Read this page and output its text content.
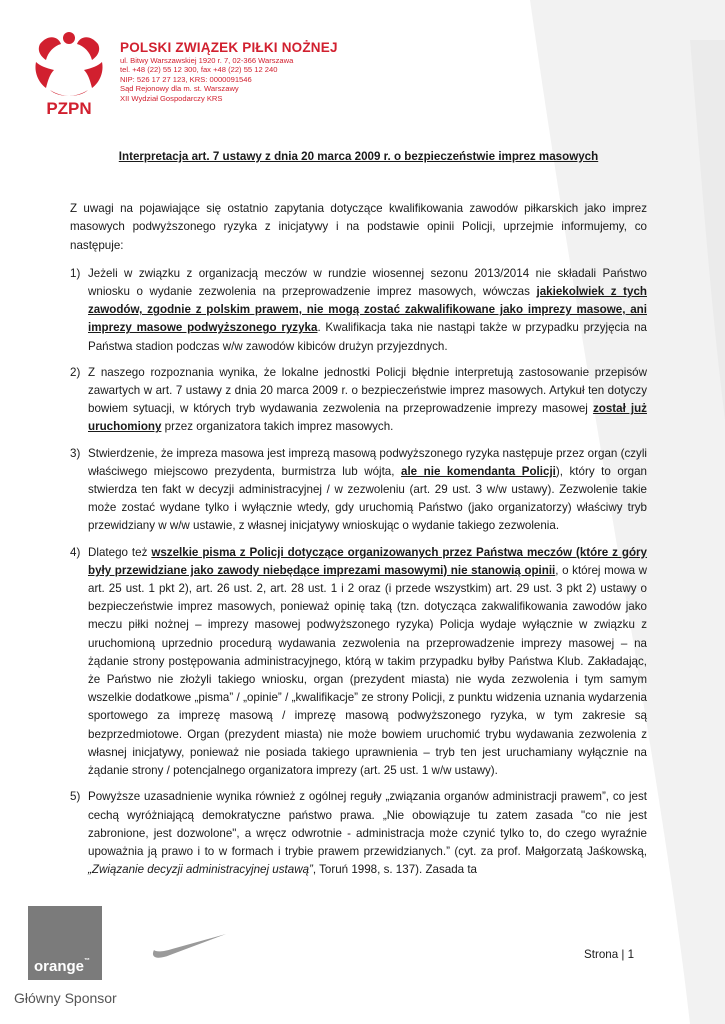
PZPN
POLSKI ZWIĄZEK PIŁKI NOŻNEJ
ul. Bitwy Warszawskiej 1920 r. 7, 02-366 Warszawa
tel. +48 (22) 55 12 300, fax +48 (22) 55 12 240
NIP: 526 17 27 123, KRS: 0000091546
Sąd Rejonowy dla m. st. Warszawy
XII Wydział Gospodarczy KRS
Interpretacja art. 7 ustawy z dnia 20 marca 2009 r. o bezpieczeństwie imprez masowych

Z uwagi na pojawiające się ostatnio zapytania dotyczące kwalifikowania zawodów piłkarskich jako imprez masowych podwyższonego ryzyka z inicjatywy i na podstawie opinii Policji, uprzejmie informujemy, co następuje:

1) Jeżeli w związku z organizacją meczów w rundzie wiosennej sezonu 2013/2014 nie składali Państwo wniosku o wydanie zezwolenia na przeprowadzenie imprez masowych, wówczas jakiekolwiek z tych zawodów, zgodnie z polskim prawem, nie mogą zostać zakwalifikowane jako imprezy masowe, ani imprezy masowe podwyższonego ryzyka. Kwalifikacja taka nie nastąpi także w przypadku przyjęcia na Państwa stadion podczas w/w zawodów kibiców drużyn przyjezdnych.
2) Z naszego rozpoznania wynika, że lokalne jednostki Policji błędnie interpretują zastosowanie przepisów zawartych w art. 7 ustawy z dnia 20 marca 2009 r. o bezpieczeństwie imprez masowych. Artykuł ten dotyczy bowiem sytuacji, w których tryb wydawania zezwolenia na przeprowadzenie imprezy masowej został już uruchomiony przez organizatora takich imprez masowych.
3) Stwierdzenie, że impreza masowa jest imprezą masową podwyższonego ryzyka następuje przez organ (czyli właściwego miejscowo prezydenta, burmistrza lub wójta, ale nie komendanta Policji), który to organ stwierdza ten fakt w decyzji administracyjnej / w zezwoleniu (art. 29 ust. 3 w/w ustawy). Zezwolenie takie może zostać wydane tylko i wyłącznie wtedy, gdy uruchomią Państwo (jako organizatorzy) właściwy tryb przewidziany w w/w ustawie, z własnej inicjatywy wnioskując o wydanie takiego zezwolenia.
4) Dlatego też wszelkie pisma z Policji dotyczące organizowanych przez Państwa meczów (które z góry były przewidziane jako zawody niebędące imprezami masowymi) nie stanowią opinii, o której mowa w art. 25 ust. 1 pkt 2), art. 26 ust. 2, art. 28 ust. 1 i 2 oraz (i przede wszystkim) art. 29 ust. 3 pkt 2) ustawy o bezpieczeństwie imprez masowych, ponieważ opinię taką (tzn. dotycząca zakwalifikowania zawodów jako meczu piłki nożnej – imprezy masowej podwyższonego ryzyka) Policja wydaje wyłącznie w związku z uruchomioną uprzednio procedurą wydawania zezwolenia na przeprowadzenie imprezy masowej – na żądanie strony postępowania administracyjnego, którą w takim przypadku byłby Państwa Klub. Zakładając, że Państwo nie złożyli takiego wniosku, organ (prezydent miasta) nie wyda zezwolenia i tym samym wszelkie dodatkowe „pisma” / „opinie” / „kwalifikacje” ze strony Policji, z punktu widzenia uznania wydarzenia sportowego za imprezę masową / imprezę masową podwyższonego ryzyka, w tym zakresie są bezprzedmiotowe. Organ (prezydent miasta) nie może bowiem uruchomić trybu wydawania zezwolenia z własnej inicjatywy, ponieważ nie posiada takiego uprawnienia – tryb ten jest uruchamiany wyłącznie na żądanie strony / potencjalnego organizatora imprezy (art. 25 ust. 1 w/w ustawy).
5) Powyższe uzasadnienie wynika również z ogólnej reguły „związania organów administracji prawem”, co jest cechą wyróżniającą demokratyczne państwo prawa. „Nie obowiązuje tu zatem zasada "co nie jest zabronione, jest dozwolone", a wręcz odwrotnie - administracja może czynić tylko to, do czego wyraźnie upoważnia ją prawo i to w formach i trybie prawem przewidzianych.” (cyt. za prof. Małgorzatą Jaśkowską, „Związanie decyzji administracyjnej ustawą”, Toruń 1998, s. 137). Zasada ta
orange™
Główny Sponsor
Strona | 1
